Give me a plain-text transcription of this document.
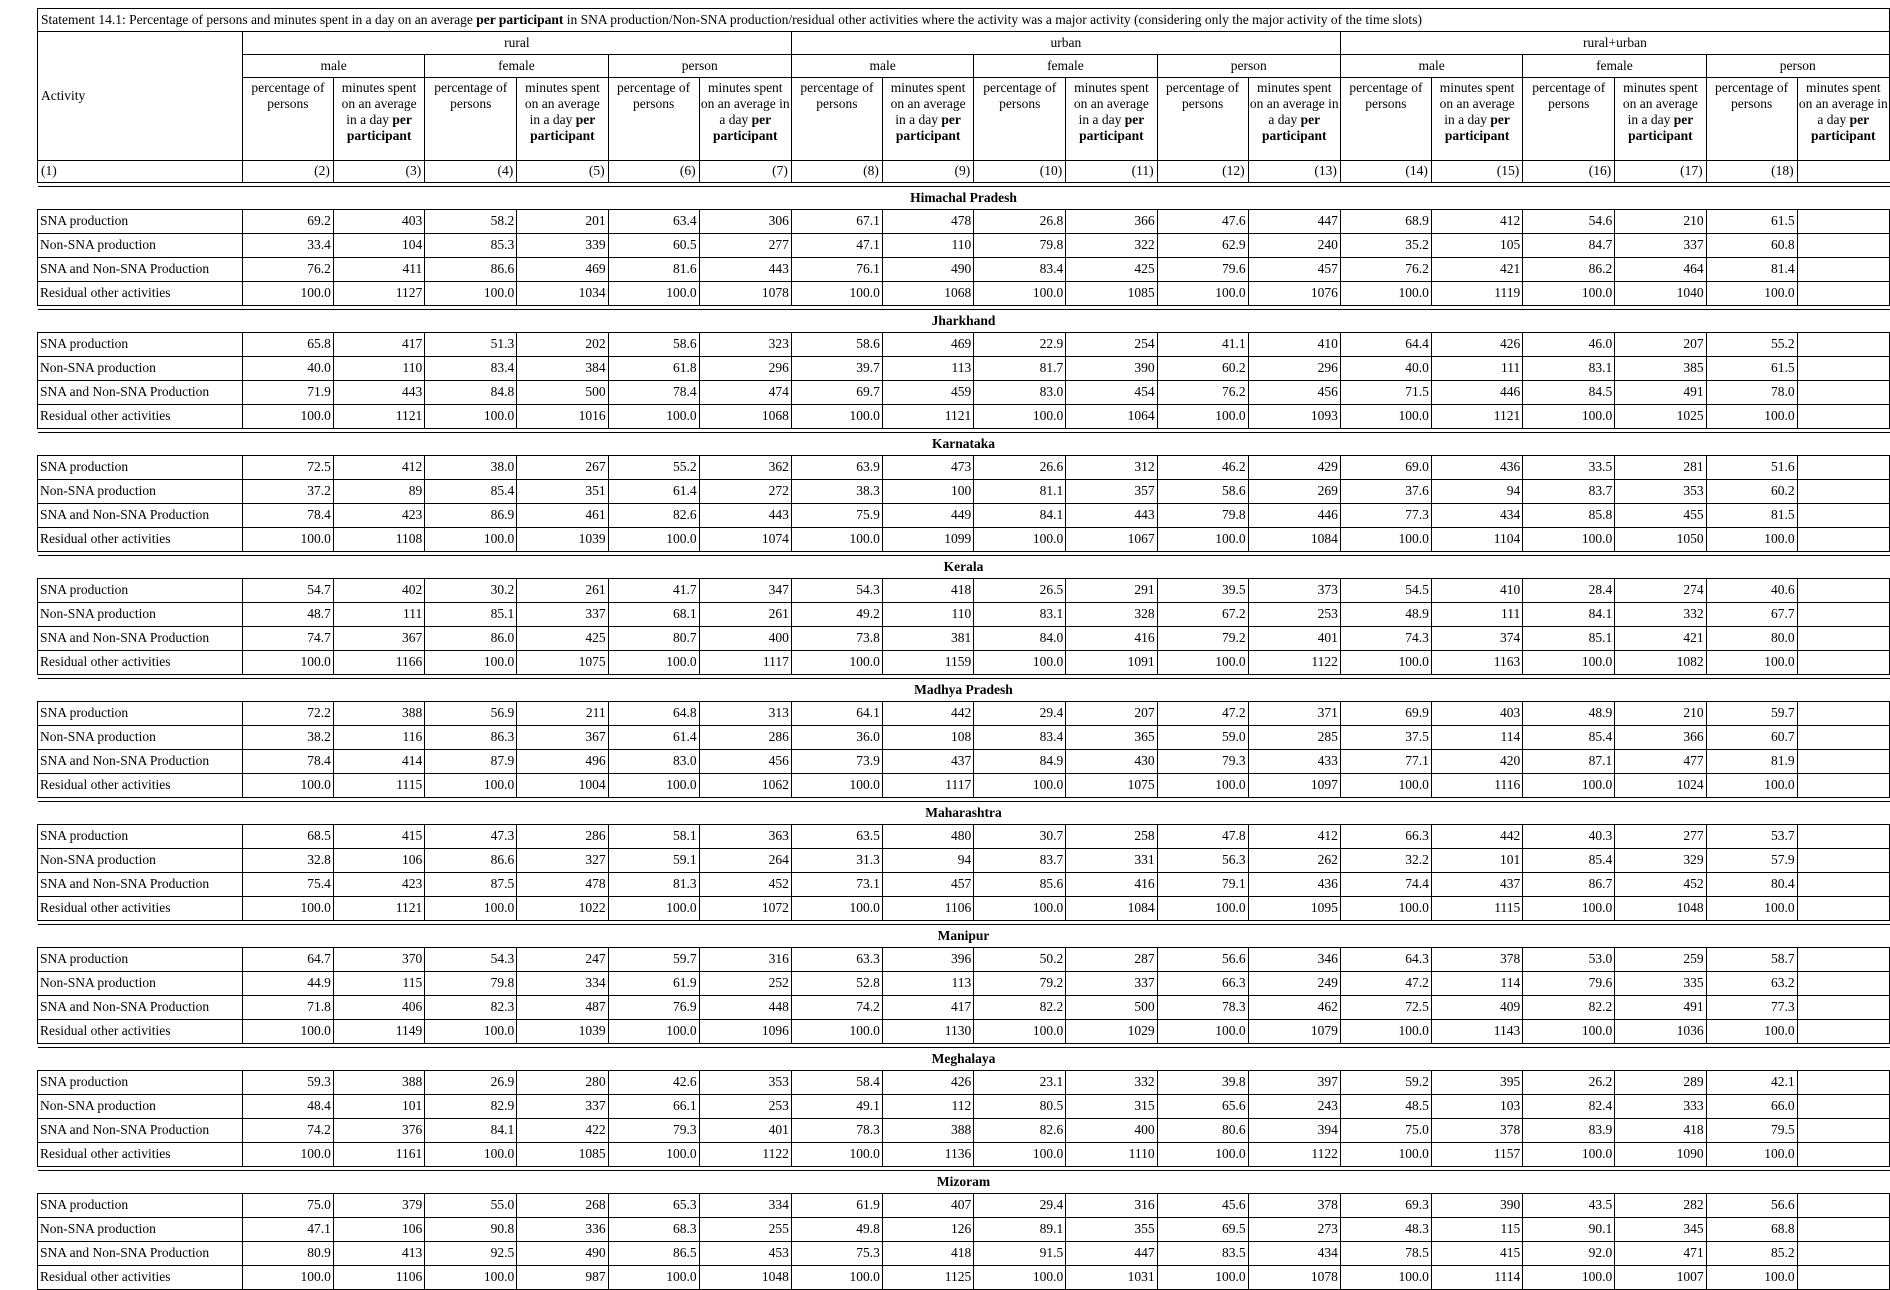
Statement 14.1: Percentage of persons and minutes spent in a day on an average per participant in SNA production/Non-SNA production/residual other activities where the activity was a major activity (considering only the major activity of the time slots)																		
Activity	rural						urban						rural+urban					
	male		female		person		male		female		person		male		female		person	
	percentage of persons	minutes spent on an average in a day per participant	percentage of persons	minutes spent on an average in a day per participant	percentage of persons	minutes spent on an average in a day per participant	percentage of persons	minutes spent on an average in a day per participant	percentage of persons	minutes spent on an average in a day per participant	percentage of persons	minutes spent on an average in a day per participant	percentage of persons	minutes spent on an average in a day per participant	percentage of persons	minutes spent on an average in a day per participant	percentage of persons	minutes spent on an average in a day per participant
(1)	(2)	(3)	(4)	(5)	(6)	(7)	(8)	(9)	(10)	(11)	(12)	(13)	(14)	(15)	(16)	(17)	(18)	

Himachal Pradesh																		
SNA production	69.2	403	58.2	201	63.4	306	67.1	478	26.8	366	47.6	447	68.9	412	54.6	210	61.5	
Non-SNA production	33.4	104	85.3	339	60.5	277	47.1	110	79.8	322	62.9	240	35.2	105	84.7	337	60.8	
SNA and Non-SNA Production	76.2	411	86.6	469	81.6	443	76.1	490	83.4	425	79.6	457	76.2	421	86.2	464	81.4	
Residual other activities	100.0	1127	100.0	1034	100.0	1078	100.0	1068	100.0	1085	100.0	1076	100.0	1119	100.0	1040	100.0	

Jharkhand																		
SNA production	65.8	417	51.3	202	58.6	323	58.6	469	22.9	254	41.1	410	64.4	426	46.0	207	55.2	
Non-SNA production	40.0	110	83.4	384	61.8	296	39.7	113	81.7	390	60.2	296	40.0	111	83.1	385	61.5	
SNA and Non-SNA Production	71.9	443	84.8	500	78.4	474	69.7	459	83.0	454	76.2	456	71.5	446	84.5	491	78.0	
Residual other activities	100.0	1121	100.0	1016	100.0	1068	100.0	1121	100.0	1064	100.0	1093	100.0	1121	100.0	1025	100.0	

Karnataka																		
SNA production	72.5	412	38.0	267	55.2	362	63.9	473	26.6	312	46.2	429	69.0	436	33.5	281	51.6	
Non-SNA production	37.2	89	85.4	351	61.4	272	38.3	100	81.1	357	58.6	269	37.6	94	83.7	353	60.2	
SNA and Non-SNA Production	78.4	423	86.9	461	82.6	443	75.9	449	84.1	443	79.8	446	77.3	434	85.8	455	81.5	
Residual other activities	100.0	1108	100.0	1039	100.0	1074	100.0	1099	100.0	1067	100.0	1084	100.0	1104	100.0	1050	100.0	

Kerala																		
SNA production	54.7	402	30.2	261	41.7	347	54.3	418	26.5	291	39.5	373	54.5	410	28.4	274	40.6	
Non-SNA production	48.7	111	85.1	337	68.1	261	49.2	110	83.1	328	67.2	253	48.9	111	84.1	332	67.7	
SNA and Non-SNA Production	74.7	367	86.0	425	80.7	400	73.8	381	84.0	416	79.2	401	74.3	374	85.1	421	80.0	
Residual other activities	100.0	1166	100.0	1075	100.0	1117	100.0	1159	100.0	1091	100.0	1122	100.0	1163	100.0	1082	100.0	

Madhya Pradesh																		
SNA production	72.2	388	56.9	211	64.8	313	64.1	442	29.4	207	47.2	371	69.9	403	48.9	210	59.7	
Non-SNA production	38.2	116	86.3	367	61.4	286	36.0	108	83.4	365	59.0	285	37.5	114	85.4	366	60.7	
SNA and Non-SNA Production	78.4	414	87.9	496	83.0	456	73.9	437	84.9	430	79.3	433	77.1	420	87.1	477	81.9	
Residual other activities	100.0	1115	100.0	1004	100.0	1062	100.0	1117	100.0	1075	100.0	1097	100.0	1116	100.0	1024	100.0	

Maharashtra																		
SNA production	68.5	415	47.3	286	58.1	363	63.5	480	30.7	258	47.8	412	66.3	442	40.3	277	53.7	
Non-SNA production	32.8	106	86.6	327	59.1	264	31.3	94	83.7	331	56.3	262	32.2	101	85.4	329	57.9	
SNA and Non-SNA Production	75.4	423	87.5	478	81.3	452	73.1	457	85.6	416	79.1	436	74.4	437	86.7	452	80.4	
Residual other activities	100.0	1121	100.0	1022	100.0	1072	100.0	1106	100.0	1084	100.0	1095	100.0	1115	100.0	1048	100.0	

Manipur																		
SNA production	64.7	370	54.3	247	59.7	316	63.3	396	50.2	287	56.6	346	64.3	378	53.0	259	58.7	
Non-SNA production	44.9	115	79.8	334	61.9	252	52.8	113	79.2	337	66.3	249	47.2	114	79.6	335	63.2	
SNA and Non-SNA Production	71.8	406	82.3	487	76.9	448	74.2	417	82.2	500	78.3	462	72.5	409	82.2	491	77.3	
Residual other activities	100.0	1149	100.0	1039	100.0	1096	100.0	1130	100.0	1029	100.0	1079	100.0	1143	100.0	1036	100.0	

Meghalaya																		
SNA production	59.3	388	26.9	280	42.6	353	58.4	426	23.1	332	39.8	397	59.2	395	26.2	289	42.1	
Non-SNA production	48.4	101	82.9	337	66.1	253	49.1	112	80.5	315	65.6	243	48.5	103	82.4	333	66.0	
SNA and Non-SNA Production	74.2	376	84.1	422	79.3	401	78.3	388	82.6	400	80.6	394	75.0	378	83.9	418	79.5	
Residual other activities	100.0	1161	100.0	1085	100.0	1122	100.0	1136	100.0	1110	100.0	1122	100.0	1157	100.0	1090	100.0	

Mizoram																		
SNA production	75.0	379	55.0	268	65.3	334	61.9	407	29.4	316	45.6	378	69.3	390	43.5	282	56.6	
Non-SNA production	47.1	106	90.8	336	68.3	255	49.8	126	89.1	355	69.5	273	48.3	115	90.1	345	68.8	
SNA and Non-SNA Production	80.9	413	92.5	490	86.5	453	75.3	418	91.5	447	83.5	434	78.5	415	92.0	471	85.2	
Residual other activities	100.0	1106	100.0	987	100.0	1048	100.0	1125	100.0	1031	100.0	1078	100.0	1114	100.0	1007	100.0	
